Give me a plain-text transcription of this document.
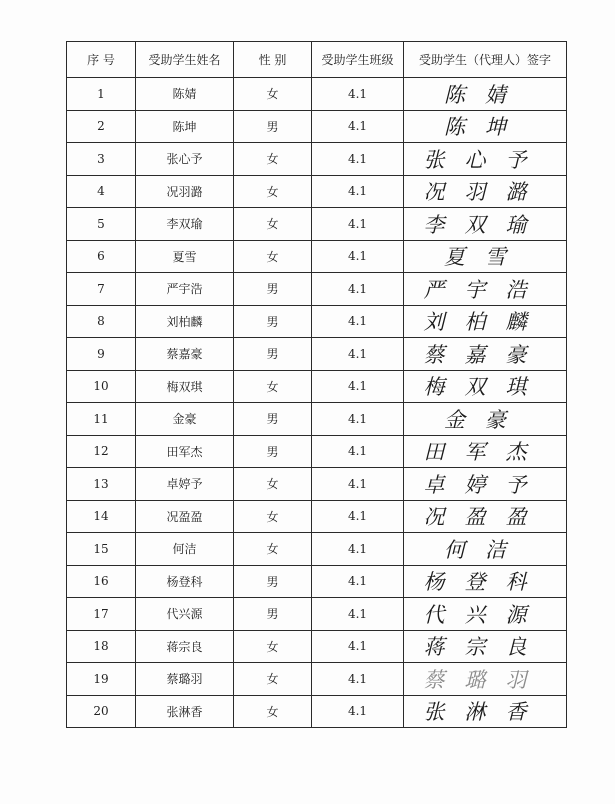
序 号	受助学生姓名	性 别	受助学生班级	受助学生（代理人）签字
1	陈婧	女	4.1	陈婧
2	陈坤	男	4.1	陈坤
3	张心予	女	4.1	张心予
4	况羽潞	女	4.1	况羽潞
5	李双瑜	女	4.1	李双瑜
6	夏雪	女	4.1	夏雪
7	严宇浩	男	4.1	严宇浩
8	刘柏麟	男	4.1	刘柏麟
9	蔡嘉豪	男	4.1	蔡嘉豪
10	梅双琪	女	4.1	梅双琪
11	金豪	男	4.1	金豪
12	田军杰	男	4.1	田军杰
13	卓婷予	女	4.1	卓婷予
14	况盈盈	女	4.1	况盈盈
15	何洁	女	4.1	何洁
16	杨登科	男	4.1	杨登科
17	代兴源	男	4.1	代兴源
18	蒋宗良	女	4.1	蒋宗良
19	蔡璐羽	女	4.1	蔡璐羽
20	张淋香	女	4.1	张淋香
